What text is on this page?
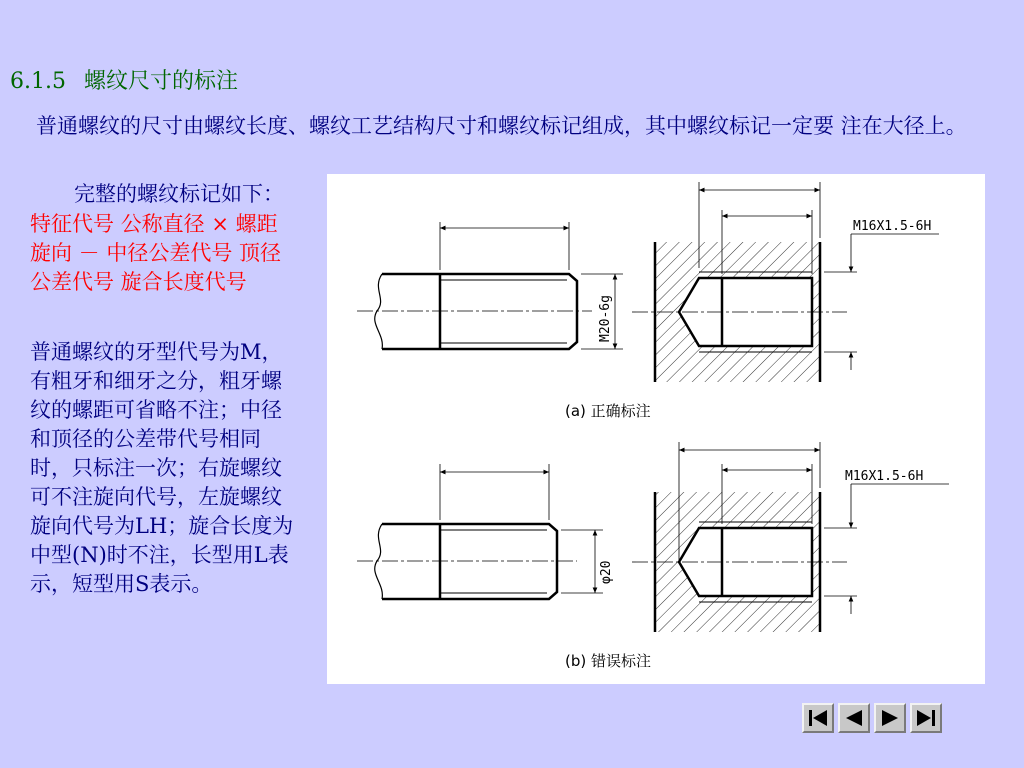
6.1.5 螺纹尺寸的标注
普通螺纹的尺寸由螺纹长度、螺纹工艺结构尺寸和螺纹标记组成，其中螺纹标记一定要 注在大径上。
完整的螺纹标记如下：
特征代号 公称直径 × 螺距 旋向 － 中径公差代号 顶径公差代号 旋合长度代号
普通螺纹的牙型代号为M，有粗牙和细牙之分，粗牙螺纹的螺距可省略不注；中径和顶径的公差带代号相同时，只标注一次；右旋螺纹可不注旋向代号，左旋螺纹旋向代号为LH；旋合长度为中型(N)时不注，长型用L表示，短型用S表示。
M20-6g
M16X1.5-6H
(a) 正确标注
φ20
M16X1.5-6H
(b) 错误标注
